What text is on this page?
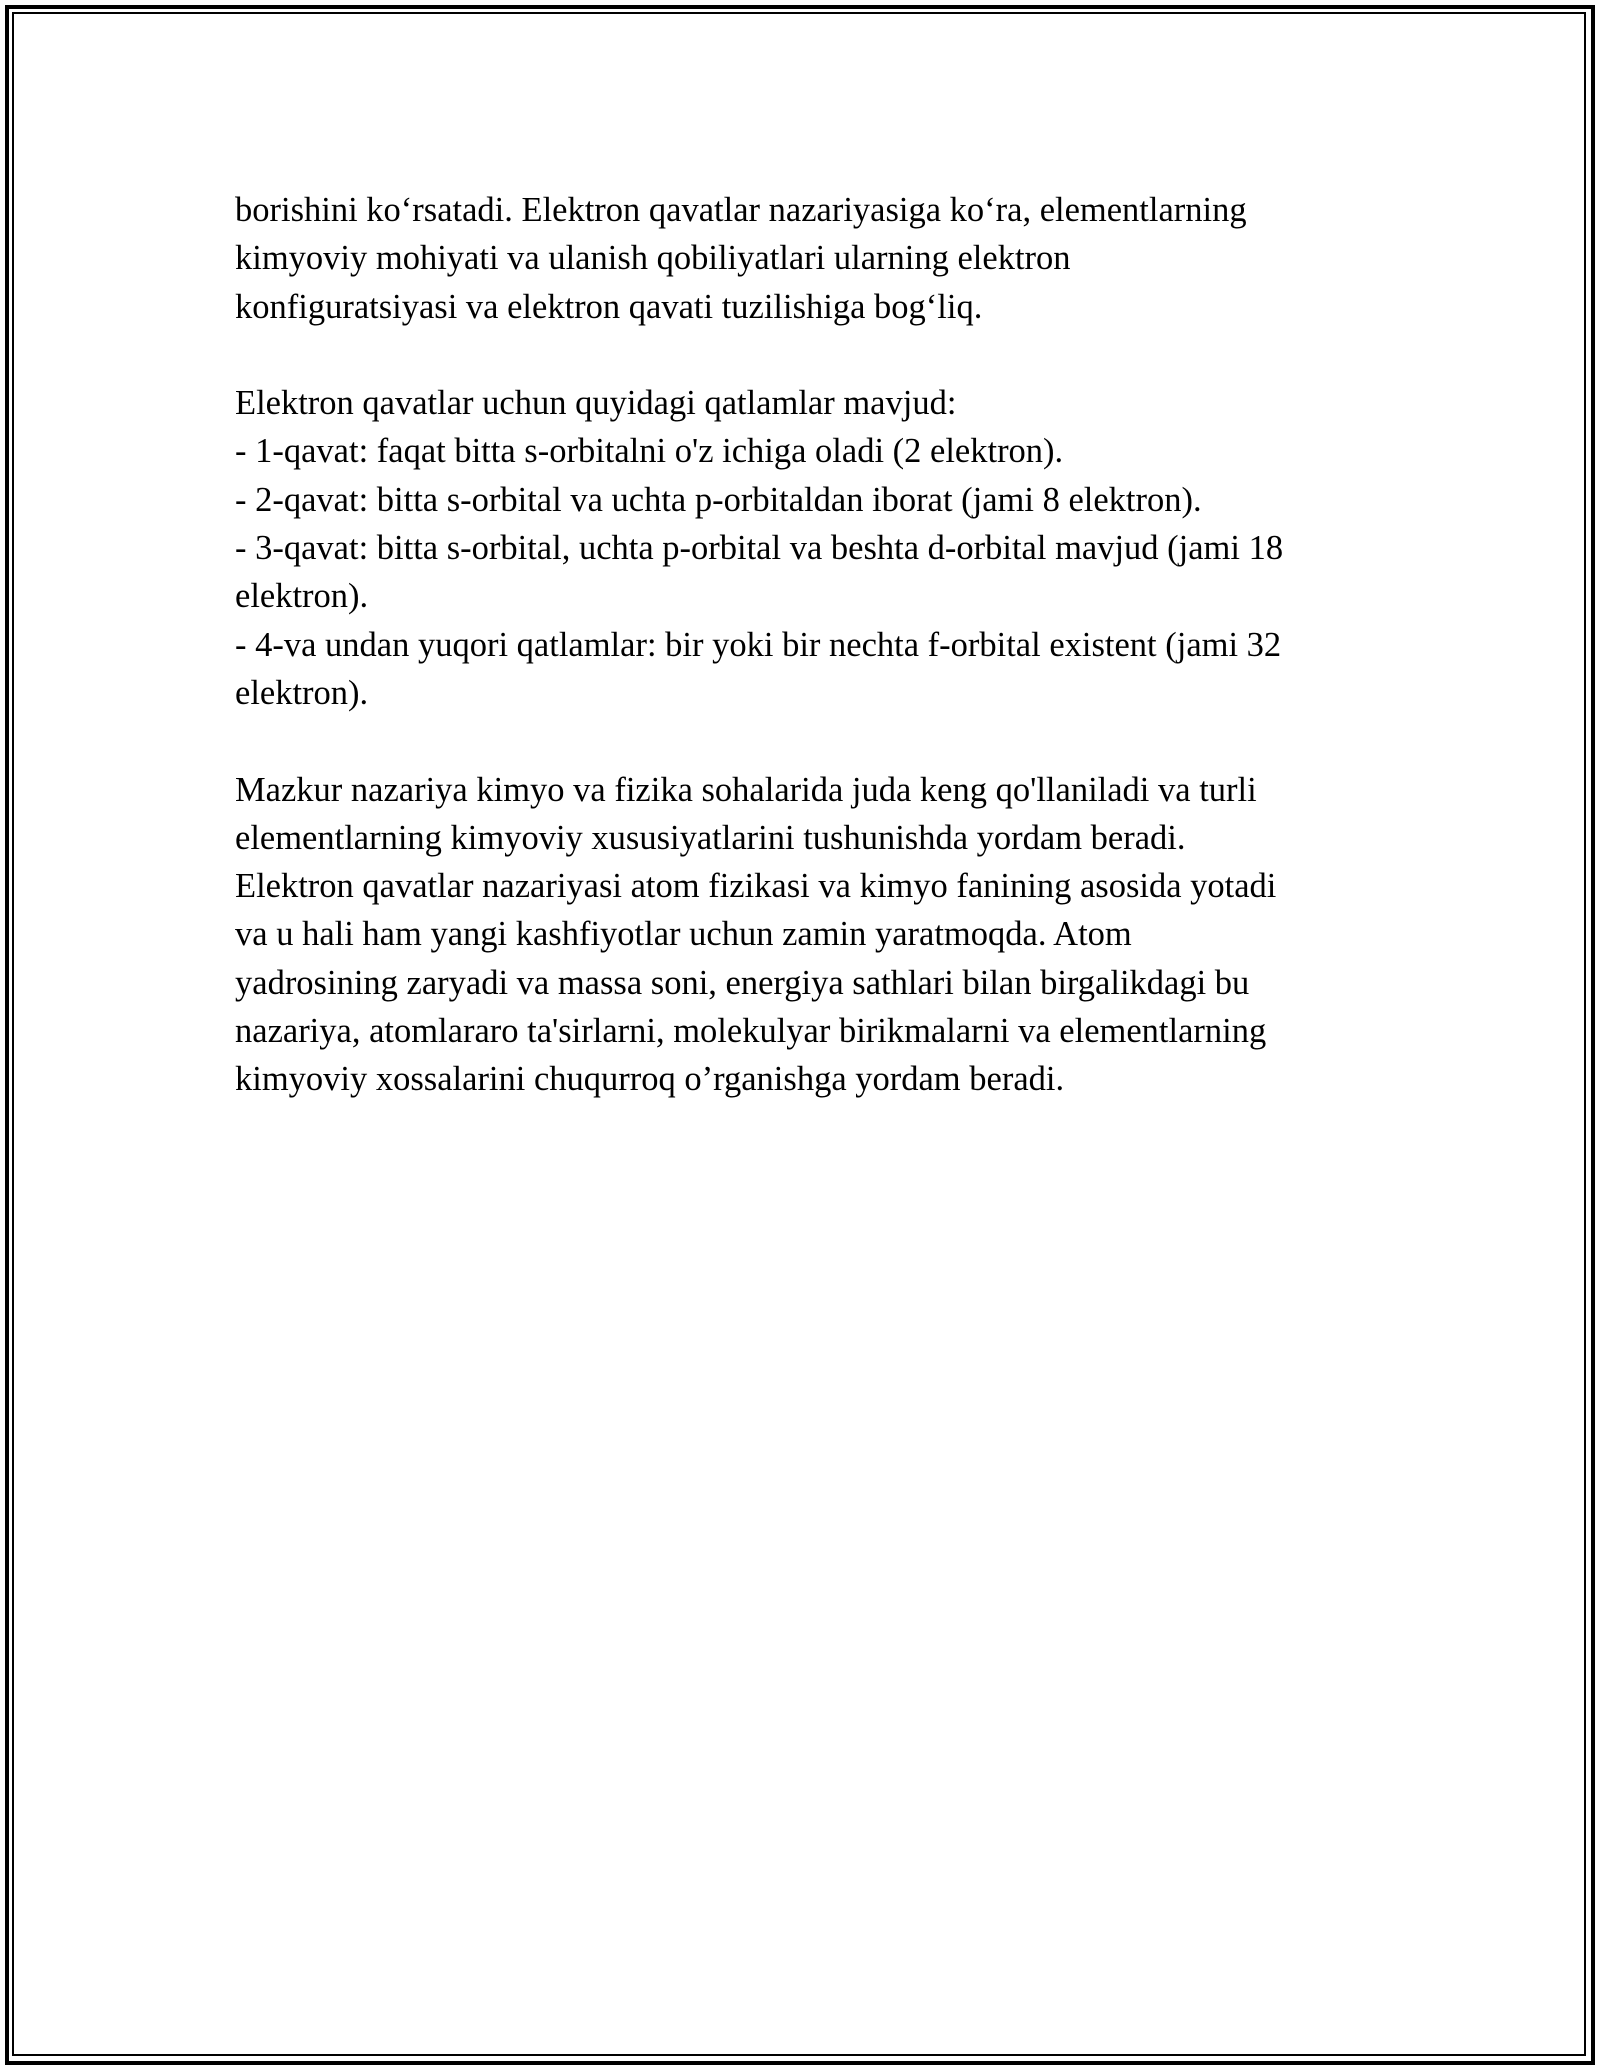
borishini ko‘rsatadi. Elektron qavatlar nazariyasiga ko‘ra, elementlarning
kimyoviy mohiyati va ulanish qobiliyatlari ularning elektron
konfiguratsiyasi va elektron qavati tuzilishiga bog‘liq.
Elektron qavatlar uchun quyidagi qatlamlar mavjud:
- 1-qavat: faqat bitta s-orbitalni o'z ichiga oladi (2 elektron).
- 2-qavat: bitta s-orbital va uchta p-orbitaldan iborat (jami 8 elektron).
- 3-qavat: bitta s-orbital, uchta p-orbital va beshta d-orbital mavjud (jami 18
elektron).
- 4-va undan yuqori qatlamlar: bir yoki bir nechta f-orbital existent (jami 32
elektron).
Mazkur nazariya kimyo va fizika sohalarida juda keng qo'llaniladi va turli
elementlarning kimyoviy xususiyatlarini tushunishda yordam beradi.
Elektron qavatlar nazariyasi atom fizikasi va kimyo fanining asosida yotadi
va u hali ham yangi kashfiyotlar uchun zamin yaratmoqda. Atom
yadrosining zaryadi va massa soni, energiya sathlari bilan birgalikdagi bu
nazariya, atomlararo ta'sirlarni, molekulyar birikmalarni va elementlarning
kimyoviy xossalarini chuqurroq o’rganishga yordam beradi.
